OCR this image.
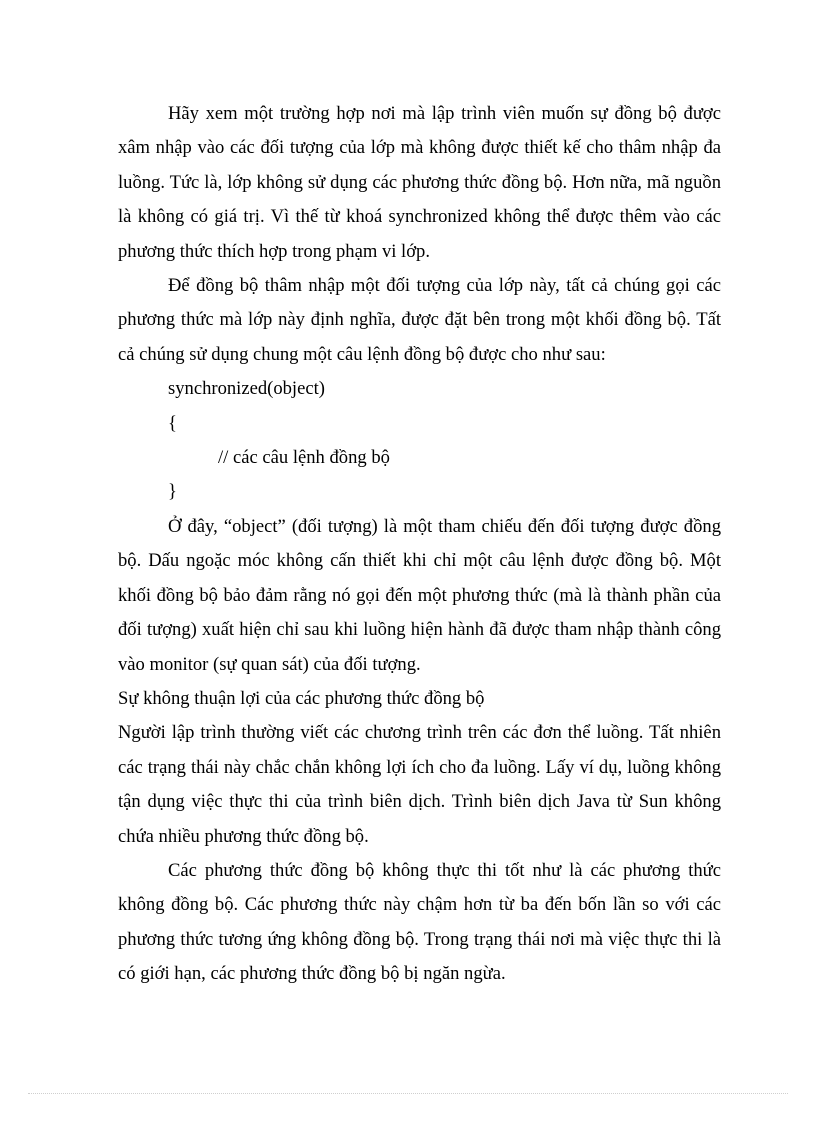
Hãy xem một trường hợp nơi mà lập trình viên muốn sự đồng bộ được xâm nhập vào các đối tượng của lớp mà không được thiết kế cho thâm nhập đa luồng. Tức là, lớp không sử dụng các phương thức đồng bộ. Hơn nữa, mã nguồn là không có giá trị. Vì thế từ khoá synchronized không thể được thêm vào các phương thức thích hợp trong phạm vi lớp.

Để đồng bộ thâm nhập một đối tượng của lớp này, tất cả chúng gọi các phương thức mà lớp này định nghĩa, được đặt bên trong một khối đồng bộ. Tất cả chúng sử dụng chung một câu lệnh đồng bộ được cho như sau:

synchronized(object)

{

// các câu lệnh đồng bộ

}

Ở đây, “object” (đối tượng) là một tham chiếu đến đối tượng được đồng bộ. Dấu ngoặc móc không cấn thiết khi chỉ một câu lệnh được đồng bộ. Một khối đồng bộ bảo đảm rằng nó gọi đến một phương thức (mà là thành phần của đối tượng) xuất hiện chỉ sau khi luồng hiện hành đã được tham nhập thành công vào monitor (sự quan sát) của đối tượng.

Sự không thuận lợi của các phương thức đồng bộ

Người lập trình thường viết các chương trình trên các đơn thể luồng. Tất nhiên các trạng thái này chắc chắn không lợi ích cho đa luồng. Lấy ví dụ, luồng không tận dụng việc thực thi của trình biên dịch. Trình biên dịch Java từ Sun không chứa nhiều phương thức đồng bộ.

Các phương thức đồng bộ không thực thi tốt như là các phương thức không đồng bộ. Các phương thức này chậm hơn từ ba đến bốn lần so với các phương thức tương ứng không đồng bộ. Trong trạng thái nơi mà việc thực thi là có giới hạn, các phương thức đồng bộ bị ngăn ngừa.
